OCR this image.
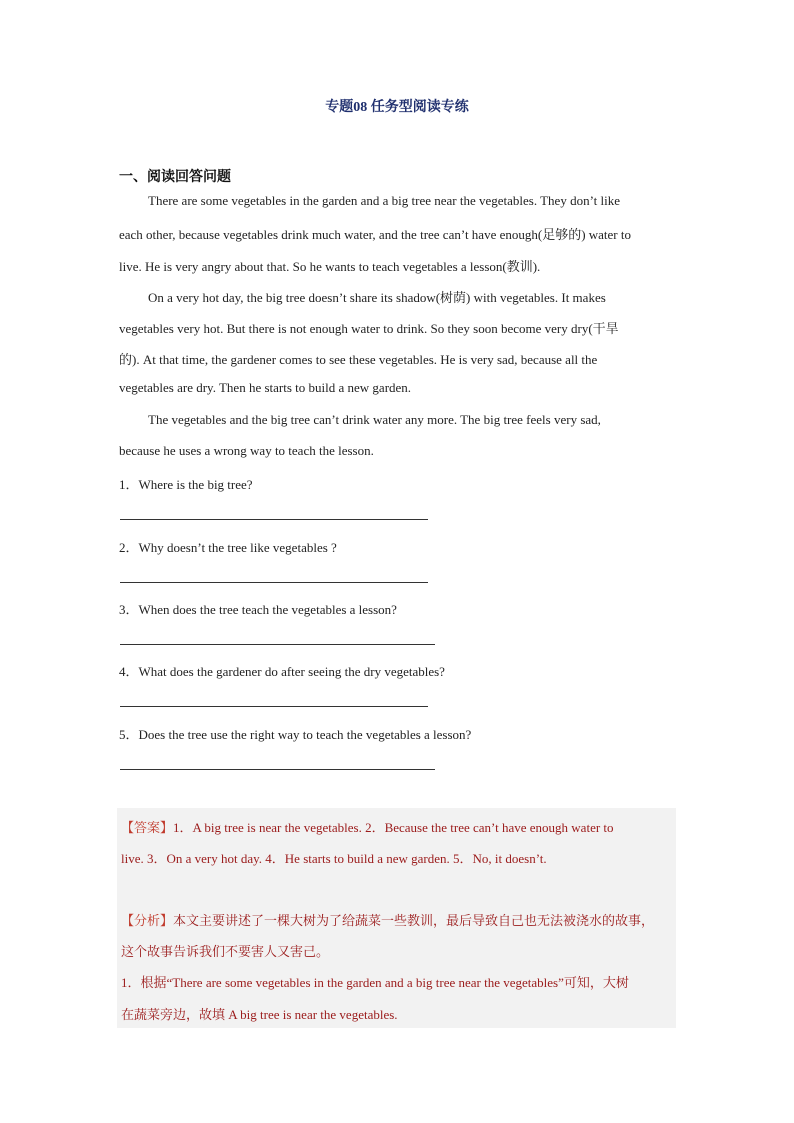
专题08 任务型阅读专练
一、阅读回答问题
There are some vegetables in the garden and a big tree near the vegetables. They don’t like
each other, because vegetables drink much water, and the tree can’t have enough(足够的) water to
live. He is very angry about that. So he wants to teach vegetables a lesson(教训).
On a very hot day, the big tree doesn’t share its shadow(树荫) with vegetables. It makes
vegetables very hot. But there is not enough water to drink. So they soon become very dry(干旱
的). At that time, the gardener comes to see these vegetables. He is very sad, because all the
vegetables are dry. Then he starts to build a new garden.
The vegetables and the big tree can’t drink water any more. The big tree feels very sad,
because he uses a wrong way to teach the lesson.
1．Where is the big tree?
2．Why doesn’t the tree like vegetables ?
3．When does the tree teach the vegetables a lesson?
4．What does the gardener do after seeing the dry vegetables?
5．Does the tree use the right way to teach the vegetables a lesson?
【答案】1．A big tree is near the vegetables. 2．Because the tree can’t have enough water to
live. 3．On a very hot day. 4．He starts to build a new garden. 5．No, it doesn’t.
【分析】本文主要讲述了一棵大树为了给蔬菜一些教训，最后导致自己也无法被浇水的故事，
这个故事告诉我们不要害人又害己。
1．根据“There are some vegetables in the garden and a big tree near the vegetables”可知，大树
在蔬菜旁边，故填 A big tree is near the vegetables.
